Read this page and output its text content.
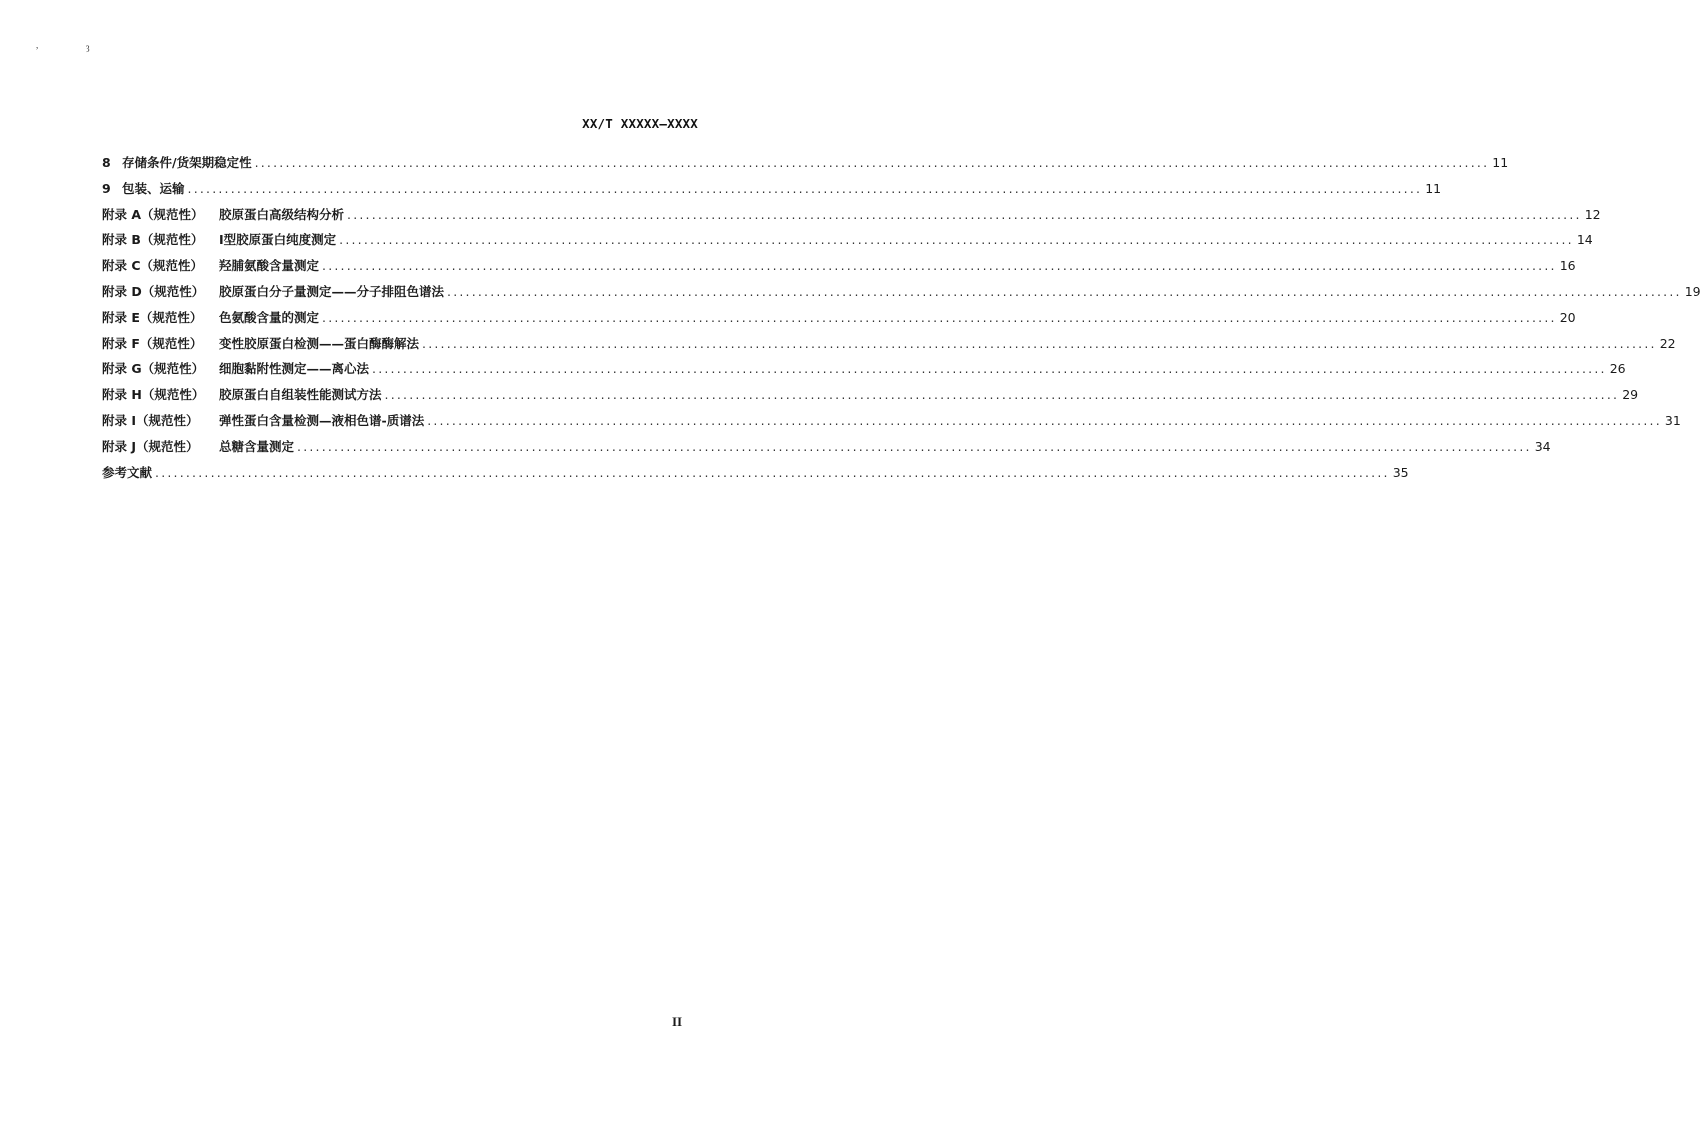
,	ȝ
XX/T XXXXX—XXXX
8 存储条件/货架期稳定性 ........................................................................................................................................................................................................ 11
9 包装、运输 ........................................................................................................................................................................................................ 11
附录 A（规范性）	胶原蛋白高级结构分析 ........................................................................................................................................................................................................ 12
附录 B（规范性）	Ⅰ型胶原蛋白纯度测定 ........................................................................................................................................................................................................ 14
附录 C（规范性）	羟脯氨酸含量测定 ........................................................................................................................................................................................................ 16
附录 D（规范性）	胶原蛋白分子量测定——分子排阻色谱法 ........................................................................................................................................................................................................ 19
附录 E（规范性）	色氨酸含量的测定 ........................................................................................................................................................................................................ 20
附录 F（规范性）	变性胶原蛋白检测——蛋白酶酶解法 ........................................................................................................................................................................................................ 22
附录 G（规范性）	细胞黏附性测定——离心法 ........................................................................................................................................................................................................ 26
附录 H（规范性）	胶原蛋白自组装性能测试方法 ........................................................................................................................................................................................................ 29
附录 I（规范性）	弹性蛋白含量检测—液相色谱-质谱法 ........................................................................................................................................................................................................ 31
附录 J（规范性）	总糖含量测定 ........................................................................................................................................................................................................ 34
参考文献 ........................................................................................................................................................................................................ 35
II
